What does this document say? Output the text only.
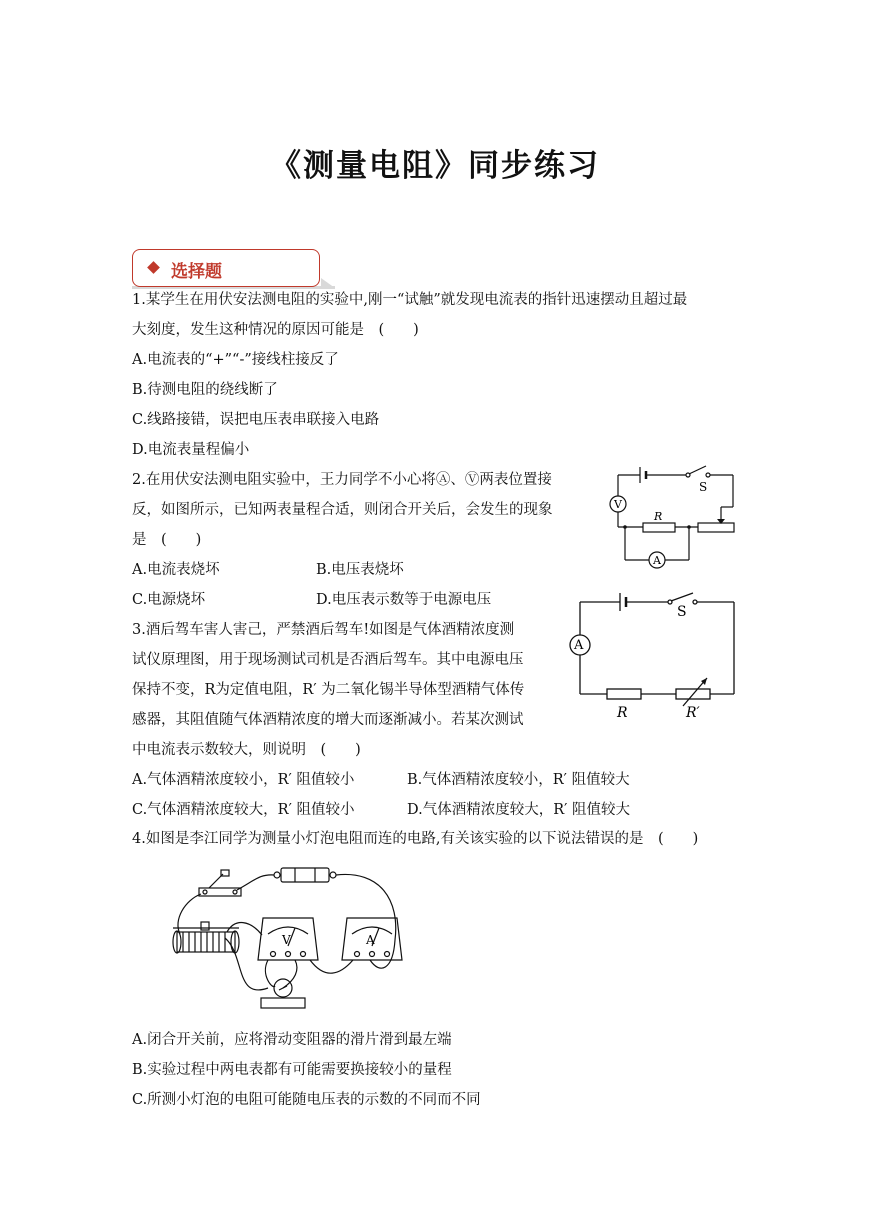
《测量电阻》同步练习
选择题
1.某学生在用伏安法测电阻的实验中,刚一“试触”就发现电流表的指针迅速摆动且超过最
大刻度，发生这种情况的原因可能是　(　　)
A.电流表的“+”“-”接线柱接反了
B.待测电阻的绕线断了
C.线路接错，误把电压表串联接入电路
D.电流表量程偏小
2.在用伏安法测电阻实验中，王力同学不小心将Ⓐ、Ⓥ两表位置接
反，如图所示，已知两表量程合适，则闭合开关后，会发生的现象
是　(　　)
A.电流表烧坏	B.电压表烧坏
C.电源烧坏	D.电压表示数等于电源电压
V
A
S
R
3.酒后驾车害人害己，严禁酒后驾车!如图是气体酒精浓度测
试仪原理图，用于现场测试司机是否酒后驾车。其中电源电压
保持不变，R为定值电阻，R′ 为二氧化锡半导体型酒精气体传
感器，其阻值随气体酒精浓度的增大而逐渐减小。若某次测试
中电流表示数较大，则说明　(　　)
A.气体酒精浓度较小，R′ 阻值较小	B.气体酒精浓度较小，R′ 阻值较大
C.气体酒精浓度较大，R′ 阻值较小	D.气体酒精浓度较大，R′ 阻值较大
A
S
R	R′
4.如图是李江同学为测量小灯泡电阻而连的电路,有关该实验的以下说法错误的是　(　　)
V	A
A.闭合开关前，应将滑动变阻器的滑片滑到最左端
B.实验过程中两电表都有可能需要换接较小的量程
C.所测小灯泡的电阻可能随电压表的示数的不同而不同
